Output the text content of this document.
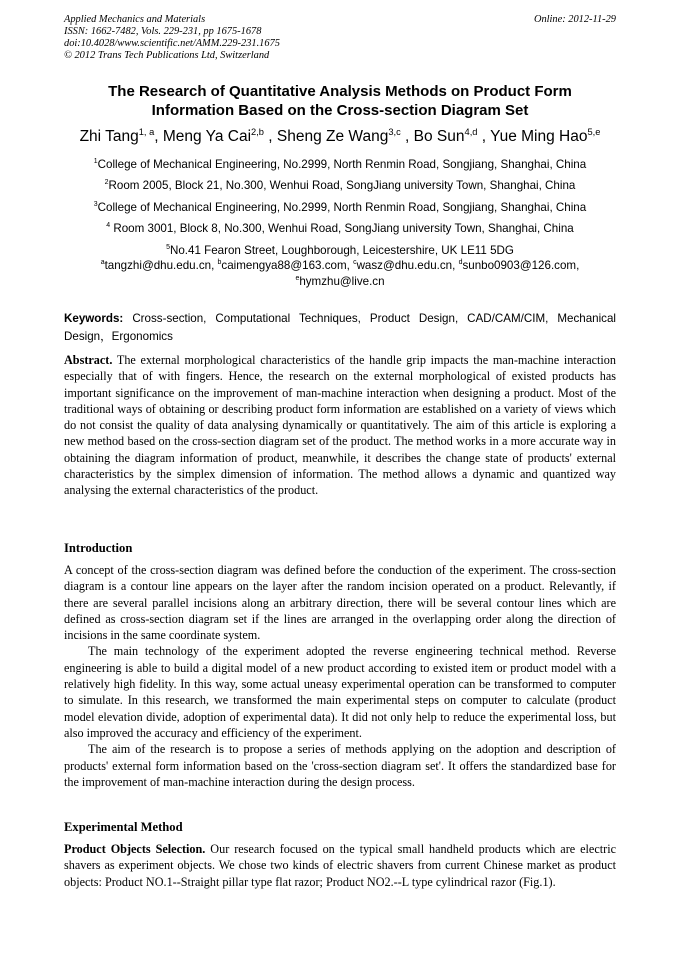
Applied Mechanics and Materials
ISSN: 1662-7482, Vols. 229-231, pp 1675-1678
doi:10.4028/www.scientific.net/AMM.229-231.1675
© 2012 Trans Tech Publications Ltd, Switzerland
Online: 2012-11-29
The Research of Quantitative Analysis Methods on Product Form
Information Based on the Cross-section Diagram Set
Zhi Tang$^{1, a}$, Meng Ya Cai$^{2,b}$ , Sheng Ze Wang$^{3,c}$ , Bo Sun$^{4,d}$ , Yue Ming Hao$^{5,e}$
$^1$College of Mechanical Engineering, No.2999, North Renmin Road, Songjiang, Shanghai, China
$^2$Room 2005, Block 21, No.300, Wenhui Road, SongJiang university Town, Shanghai, China
$^3$College of Mechanical Engineering, No.2999, North Renmin Road, Songjiang, Shanghai, China
$^4$ Room 3001, Block 8, No.300, Wenhui Road, SongJiang university Town, Shanghai, China
$^5$No.41 Fearon Street, Loughborough, Leicestershire, UK LE11 5DG
$^a$tangzhi@dhu.edu.cn, $^b$caimengya88@163.com, $^c$wasz@dhu.edu.cn, $^d$sunbo0903@126.com,
$^e$hymzhu@live.cn
Keywords: Cross-section, Computational Techniques, Product Design, CAD/CAM/CIM, Mechanical Design，Ergonomics
Abstract. The external morphological characteristics of the handle grip impacts the man-machine interaction especially that of with fingers. Hence, the research on the external morphological of existed products has important significance on the improvement of man-machine interaction when designing a product. Most of the traditional ways of obtaining or describing product form information are established on a variety of views which do not consist the quality of data analysing dynamically or quantitatively. The aim of this article is exploring a new method based on the cross-section diagram set of the product. The method works in a more accurate way in obtaining the diagram information of product, meanwhile, it describes the change state of products' external characteristics by the simplex dimension of information. The method allows a dynamic and quantized way analysing the external characteristics of the product.
Introduction

A concept of the cross-section diagram was defined before the conduction of the experiment. The cross-section diagram is a contour line appears on the layer after the random incision operated on a product. Relevantly, if there are several parallel incisions along an arbitrary direction, there will be several contour lines which are defined as cross-section diagram set if the lines are arranged in the overlapping order along the direction of incisions in the same coordinate system.

The main technology of the experiment adopted the reverse engineering technical method. Reverse engineering is able to build a digital model of a new product according to existed item or product model with a relatively high fidelity. In this way, some actual uneasy experimental operation can be transformed to computer to simulate. In this research, we transformed the main experimental steps on computer to calculate (product model elevation divide, adoption of experimental data). It did not only help to reduce the experimental loss, but also improved the accuracy and efficiency of the experiment.

The aim of the research is to propose a series of methods applying on the adoption and description of products' external form information based on the 'cross-section diagram set'. It offers the standardized base for the improvement of man-machine interaction during the design process.

Experimental Method

Product Objects Selection. Our research focused on the typical small handheld products which are electric shavers as experiment objects. We chose two kinds of electric shavers from current Chinese market as product objects: Product NO.1--Straight pillar type flat razor; Product NO2.--L type cylindrical razor (Fig.1).
